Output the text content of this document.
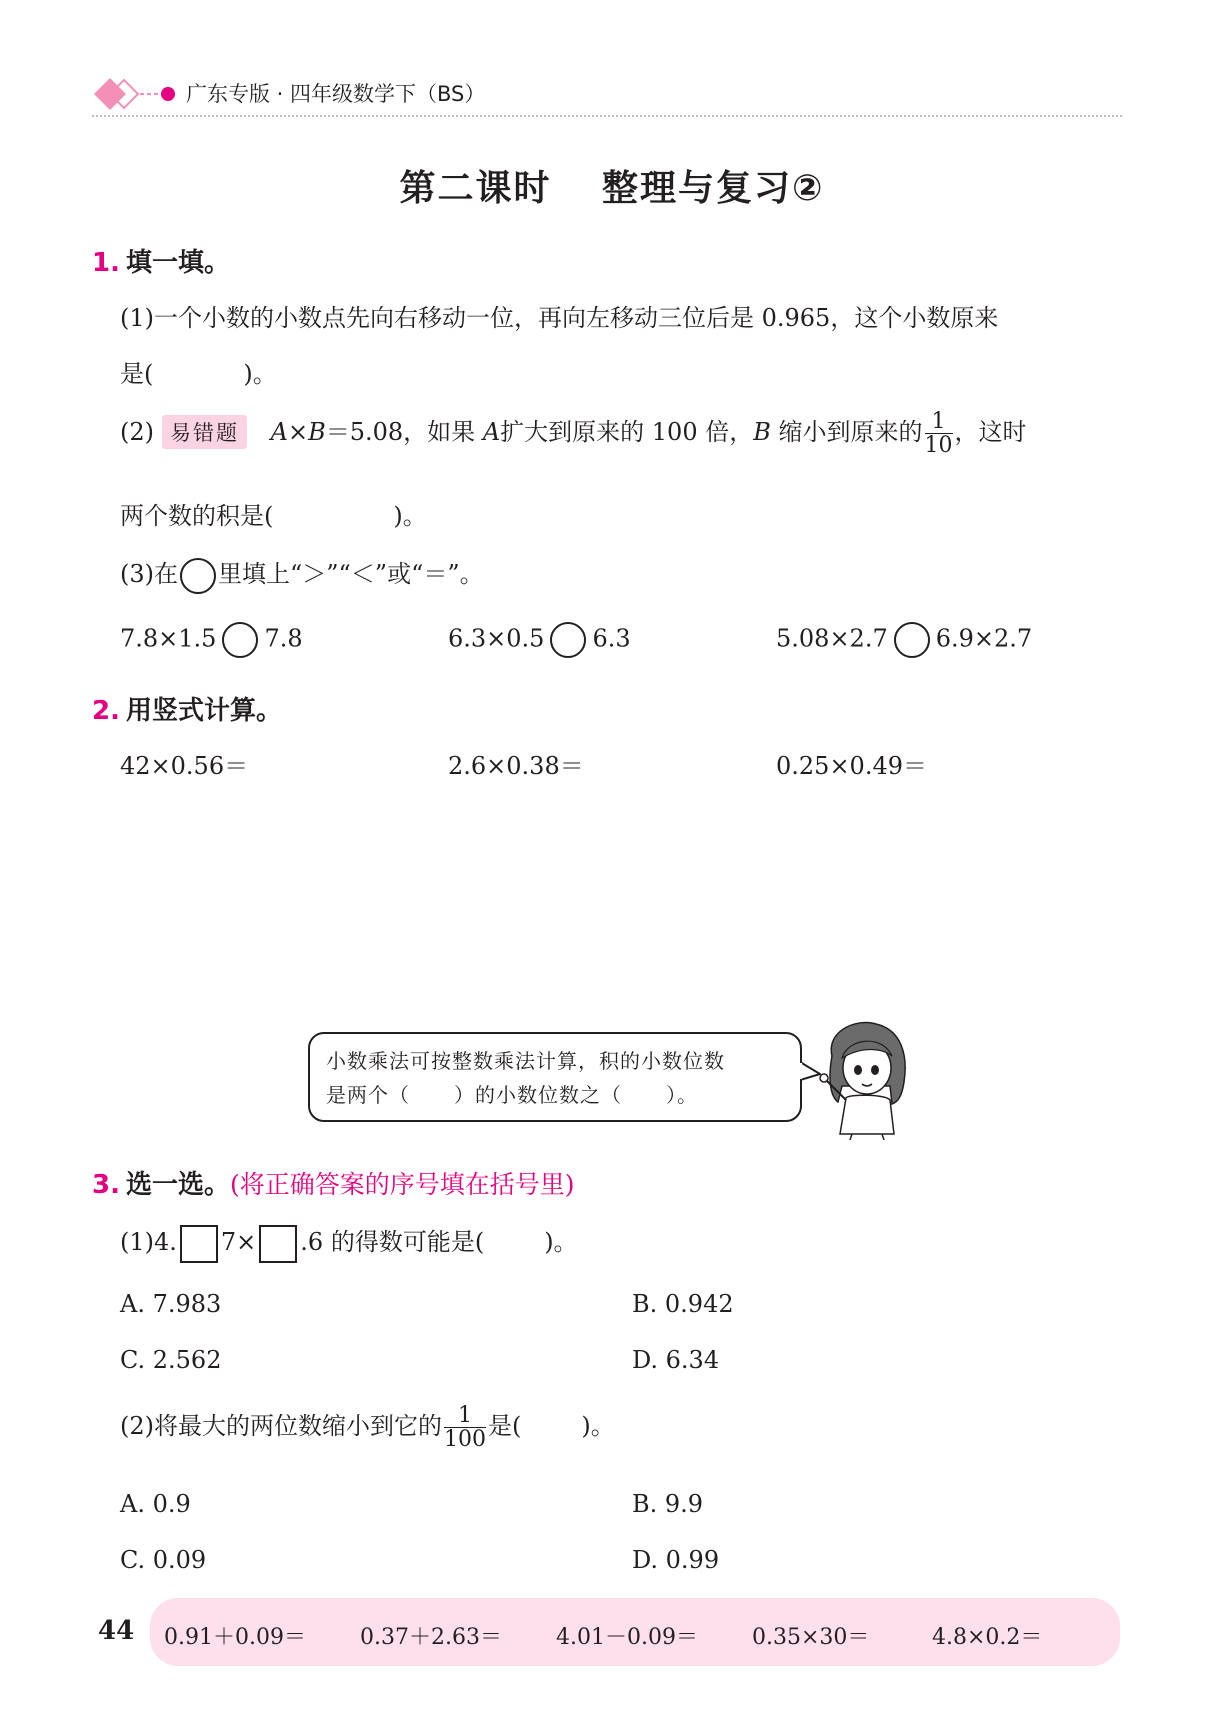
广东专版 · 四年级数学下（BS）
第二课时 整理与复习②
1. 填一填。
(1)一个小数的小数点先向右移动一位，再向左移动三位后是 0.965，这个小数原来
是(	)。
(2) 易错题 A×B＝5.08，如果 A扩大到原来的 100 倍，B 缩小到原来的 $\frac{1}{10}$ ，这时
两个数的积是(	)。
(3)在 里填上“＞”“＜”或“＝”。
7.8×1.5 7.8	6.3×0.5 6.3	5.08×2.7 6.9×2.7
2. 用竖式计算。
42×0.56＝	2.6×0.38＝	0.25×0.49＝
小数乘法可按整数乘法计算，积的小数位数
是两个（ ）的小数位数之（ ）。
3. 选一选。(将正确答案的序号填在括号里)
(1)4. 7× .6 的得数可能是(	)。
A. 7.983	B. 0.942
C. 2.562	D. 6.34
(2)将最大的两位数缩小到它的 $\frac{1}{100}$ 是(	)。
A. 0.9	B. 9.9
C. 0.09	D. 0.99
44 0.91＋0.09＝ 0.37＋2.63＝ 4.01－0.09＝ 0.35×30＝	4.8×0.2＝
